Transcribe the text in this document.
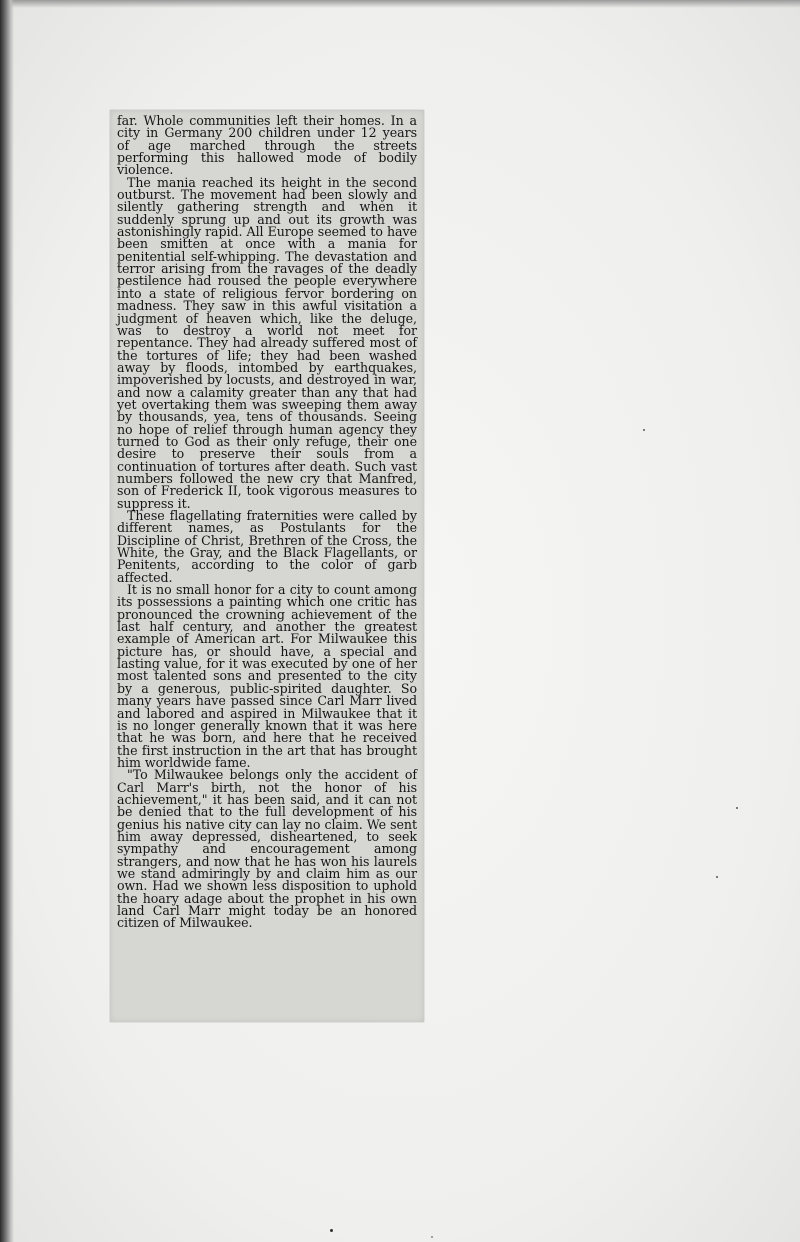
far. Whole communities left their homes. In a city in Germany 200 children under 12 years of age marched through the streets performing this hallowed mode of bodily violence.

The mania reached its height in the second outburst. The movement had been slowly and silently gathering strength and when it suddenly sprung up and out its growth was astonishingly rapid. All Europe seemed to have been smitten at once with a mania for penitential self-whipping. The devastation and terror arising from the ravages of the deadly pestilence had roused the people everywhere into a state of religious fervor bordering on madness. They saw in this awful visitation a judgment of heaven which, like the deluge, was to destroy a world not meet for repentance. They had already suffered most of the tortures of life; they had been washed away by floods, intombed by earthquakes, impoverished by locusts, and destroyed in war, and now a calamity greater than any that had yet overtaking them was sweeping them away by thousands, yea, tens of thousands. Seeing no hope of relief through human agency they turned to God as their only refuge, their one desire to preserve their souls from a continuation of tortures after death. Such vast numbers followed the new cry that Manfred, son of Frederick II, took vigorous measures to suppress it.

These flagellating fraternities were called by different names, as Postulants for the Discipline of Christ, Brethren of the Cross, the White, the Gray, and the Black Flagellants, or Penitents, according to the color of garb affected.

It is no small honor for a city to count among its possessions a painting which one critic has pronounced the crowning achievement of the last half century, and another the greatest example of American art. For Milwaukee this picture has, or should have, a special and lasting value, for it was executed by one of her most talented sons and presented to the city by a generous, public-spirited daughter. So many years have passed since Carl Marr lived and labored and aspired in Milwaukee that it is no longer generally known that it was here that he was born, and here that he received the first instruction in the art that has brought him worldwide fame.

"To Milwaukee belongs only the accident of Carl Marr's birth, not the honor of his achievement," it has been said, and it can not be denied that to the full development of his genius his native city can lay no claim. We sent him away depressed, disheartened, to seek sympathy and encouragement among strangers, and now that he has won his laurels we stand admiringly by and claim him as our own. Had we shown less disposition to uphold the hoary adage about the prophet in his own land Carl Marr might today be an honored citizen of Milwaukee.
